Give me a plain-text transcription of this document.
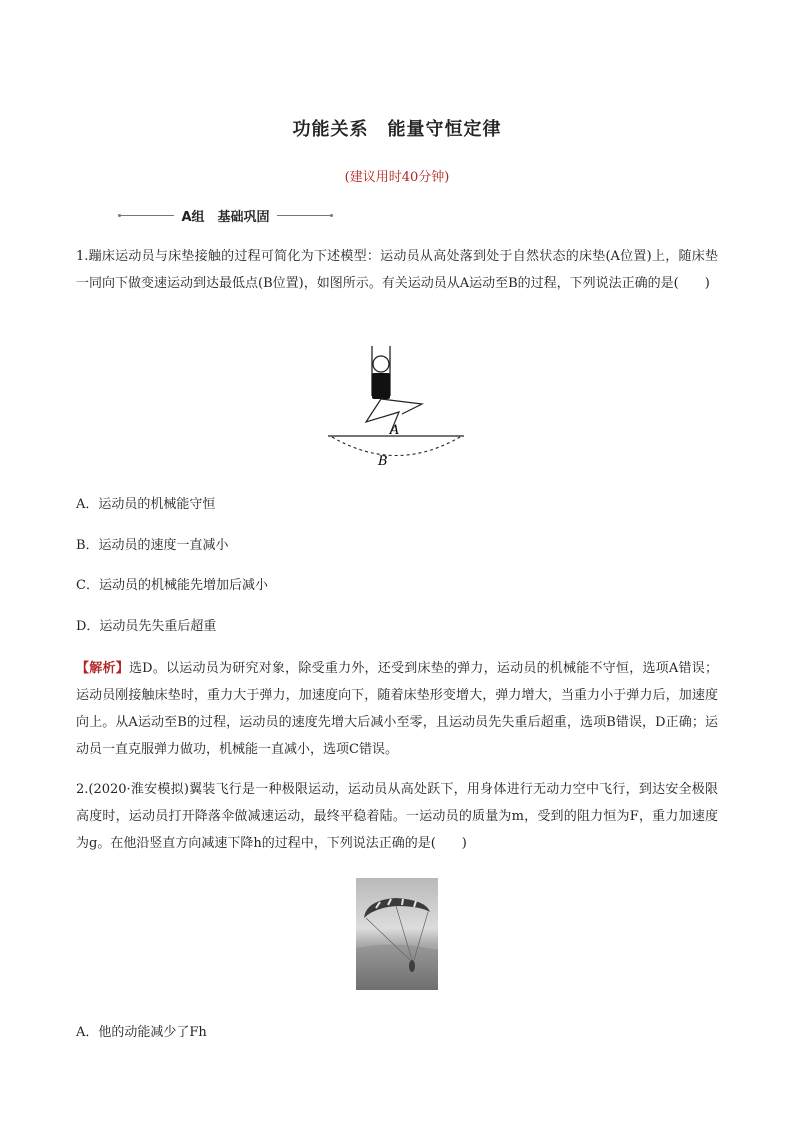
功能关系　能量守恒定律
(建议用时40分钟)
A组　基础巩固

1.蹦床运动员与床垫接触的过程可简化为下述模型：运动员从高处落到处于自然状态的床垫(A位置)上，随床垫一同向下做变速运动到达最低点(B位置)，如图所示。有关运动员从A运动至B的过程，下列说法正确的是(　　)

A
B
A．运动员的机械能守恒
B．运动员的速度一直减小
C．运动员的机械能先增加后减小
D．运动员先失重后超重

【解析】选D。以运动员为研究对象，除受重力外，还受到床垫的弹力，运动员的机械能不守恒，选项A错误；运动员刚接触床垫时，重力大于弹力，加速度向下，随着床垫形变增大，弹力增大，当重力小于弹力后，加速度向上。从A运动至B的过程，运动员的速度先增大后减小至零，且运动员先失重后超重，选项B错误，D正确；运动员一直克服弹力做功，机械能一直减小，选项C错误。

2.(2020·淮安模拟)翼装飞行是一种极限运动，运动员从高处跃下，用身体进行无动力空中飞行，到达安全极限高度时，运动员打开降落伞做减速运动，最终平稳着陆。一运动员的质量为m，受到的阻力恒为F，重力加速度为g。在他沿竖直方向减速下降h的过程中，下列说法正确的是(　　)

A．他的动能减少了Fh
